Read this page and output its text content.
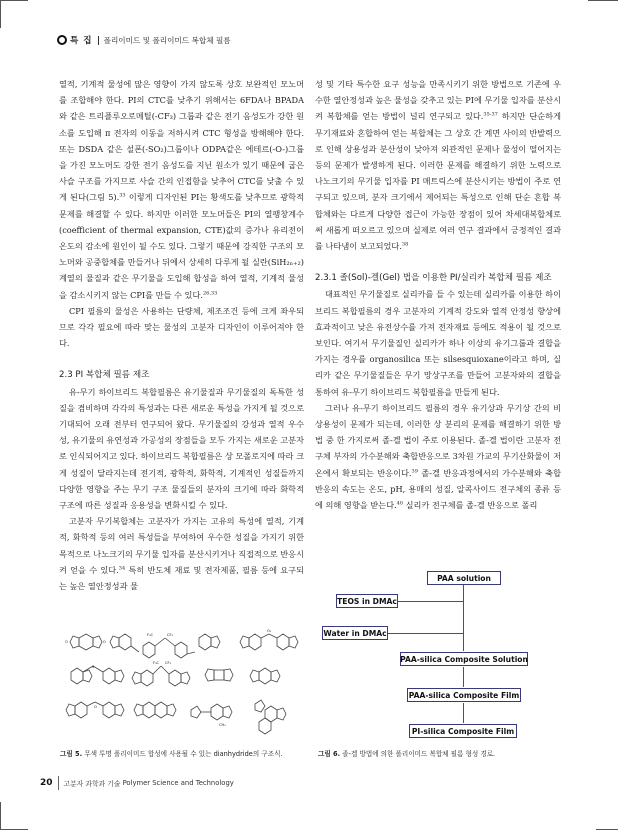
특 집 폴리이미드 및 폴리이미드 복합체 필름

열적, 기계적 물성에 많은 영향이 가지 않도록 상호 보완적인 모노머를 조합해야 한다. PI의 CTC를 낮추기 위해서는 6FDA나 BPADA와 같은 트리플루오로메틸(-CF₃) 그룹과 같은 전기 음성도가 강한 원소를 도입해 π 전자의 이동을 저하시켜 CTC 형성을 방해해야 한다. 또는 DSDA 같은 설폰(-SO₂)그룹이나 ODPA같은 에테르(-O-)그룹을 가진 모노머도 강한 전기 음성도를 지닌 원소가 있기 때문에 굽은 사슬 구조를 가지므로 사슬 간의 인접함을 낮추어 CTC를 낮출 수 있게 된다(그림 5).$^{33}$ 이렇게 디자인된 PI는 황색도를 낮추므로 광학적 문제를 해결할 수 있다. 하지만 이러한 모노머들은 PI의 열팽창계수(coefficient of thermal expansion, CTE)값의 증가나 유리전이온도의 감소에 원인이 될 수도 있다. 그렇기 때문에 강직한 구조의 모노머와 공중합체를 만들거나 뒤에서 상세히 다루게 될 실란(SiH₂ₙ₊₂) 계열의 물질과 같은 무기물을 도입해 합성을 하여 열적, 기계적 물성을 감소시키지 않는 CPI를 만들 수 있다.$^{26,33}$

CPI 필름의 물성은 사용하는 단량체, 제조조건 등에 크게 좌우되므로 각각 필요에 따라 맞는 물성의 고분자 디자인이 이루어져야 한다.

2.3 PI 복합체 필름 제조

유-무기 하이브리드 복합필름은 유기물질과 무기물질의 독특한 성질을 겸비하며 각각의 특성과는 다른 새로운 특성을 가지게 될 것으로 기대되어 오래 전부터 연구되어 왔다. 무기물질의 강성과 열적 우수성, 유기물의 유연성과 가공성의 장점들을 모두 가지는 새로운 고분자로 인식되어지고 있다. 하이브리드 복합필름은 상 모폴로지에 따라 크게 성질이 달라지는데 전기적, 광학적, 화학적, 기계적인 성질들까지 다양한 영향을 주는 무기 구조 물질들의 분자의 크기에 따라 화학적 구조에 따른 성질과 응용성을 변화시킬 수 있다.

고분자 무기복합체는 고분자가 가지는 고유의 특성에 열적, 기계적, 화학적 등의 여러 특성들을 부여하여 우수한 성질을 가지기 위한 목적으로 나노크기의 무기물 입자를 분산시키거나 직접적으로 반응시켜 얻을 수 있다.$^{34}$ 특히 반도체 재료 및 전자제품, 필름 등에 요구되는 높은 열안정성과 물

성 및 기타 특수한 요구 성능을 만족시키기 위한 방법으로 기존에 우수한 열안정성과 높은 물성을 갖추고 있는 PI에 무기물 입자를 분산시켜 복합체를 얻는 방법이 널리 연구되고 있다.$^{35-37}$ 하지만 단순하게 무기재료와 혼합하여 얻는 복합체는 그 상호 간 계면 사이의 반발력으로 인해 상용성과 분산성이 낮아져 외관적인 문제나 물성이 떨어지는 등의 문제가 발생하게 된다. 이러한 문제를 해결하기 위한 노력으로 나노크기의 무기물 입자를 PI 매트릭스에 분산시키는 방법이 주로 연구되고 있으며, 분자 크기에서 제어되는 특성으로 인해 단순 혼합 복합체와는 다르게 다양한 접근이 가능한 장점이 있어 차세대복합체로써 새롭게 떠오르고 있으며 실제로 여러 연구 결과에서 긍정적인 결과를 나타냄이 보고되었다.$^{38}$

2.3.1 졸(Sol)-겔(Gel) 법을 이용한 PI/실리카 복합체 필름 제조

대표적인 무기물질로 실리카를 들 수 있는데 실리카를 이용한 하이브리드 복합필름의 경우 고분자의 기계적 강도와 열적 안정성 향상에 효과적이고 낮은 유전상수를 가져 전자재료 등에도 적용이 될 것으로 보인다. 여기서 무기물질인 실리카가 하나 이상의 유기그룹과 결합을 가지는 경우를 organosilica 또는 silsesquioxane이라고 하며, 실리카 같은 무기물질들은 무기 망상구조를 만들어 고분자와의 결합을 통하여 유-무기 하이브리드 복합필름을 만들게 된다.

그러나 유-무기 하이브리드 필름의 경우 유기상과 무기상 간의 비상용성이 문제가 되는데, 이러한 상 분리의 문제를 해결하기 위한 방법 중 한 가지로써 졸-겔 법이 주로 이용된다. 졸-겔 법이란 고분자 전구체 부자의 가수분해와 축합반응으로 3차원 가교의 무기산화물이 저온에서 확보되는 반응이다.$^{39}$ 졸-겔 반응과정에서의 가수분해와 축합반응의 속도는 온도, pH, 용매의 성질, 알콕사이드 전구체의 종류 등에 의해 영향을 받는다.$^{40}$ 실리카 전구체를 졸-겔 반응으로 폴리

O	O
F₃C	CF₃
O₂
S
F₃C CF₃
O
CH₃
그림 5. 무색 투명 폴리이미드 합성에 사용될 수 있는 dianhydride의 구조식.
PAA solution
TEOS in DMAc
Water in DMAc
PAA-silica Composite Solution
PAA-silica Composite Film
PI-silica Composite Film
그림 6. 졸-겔 방법에 의한 폴리이미드 복합체 필름 형성 경로.
20 고분자 과학과 기술
Polymer Science and Technology
